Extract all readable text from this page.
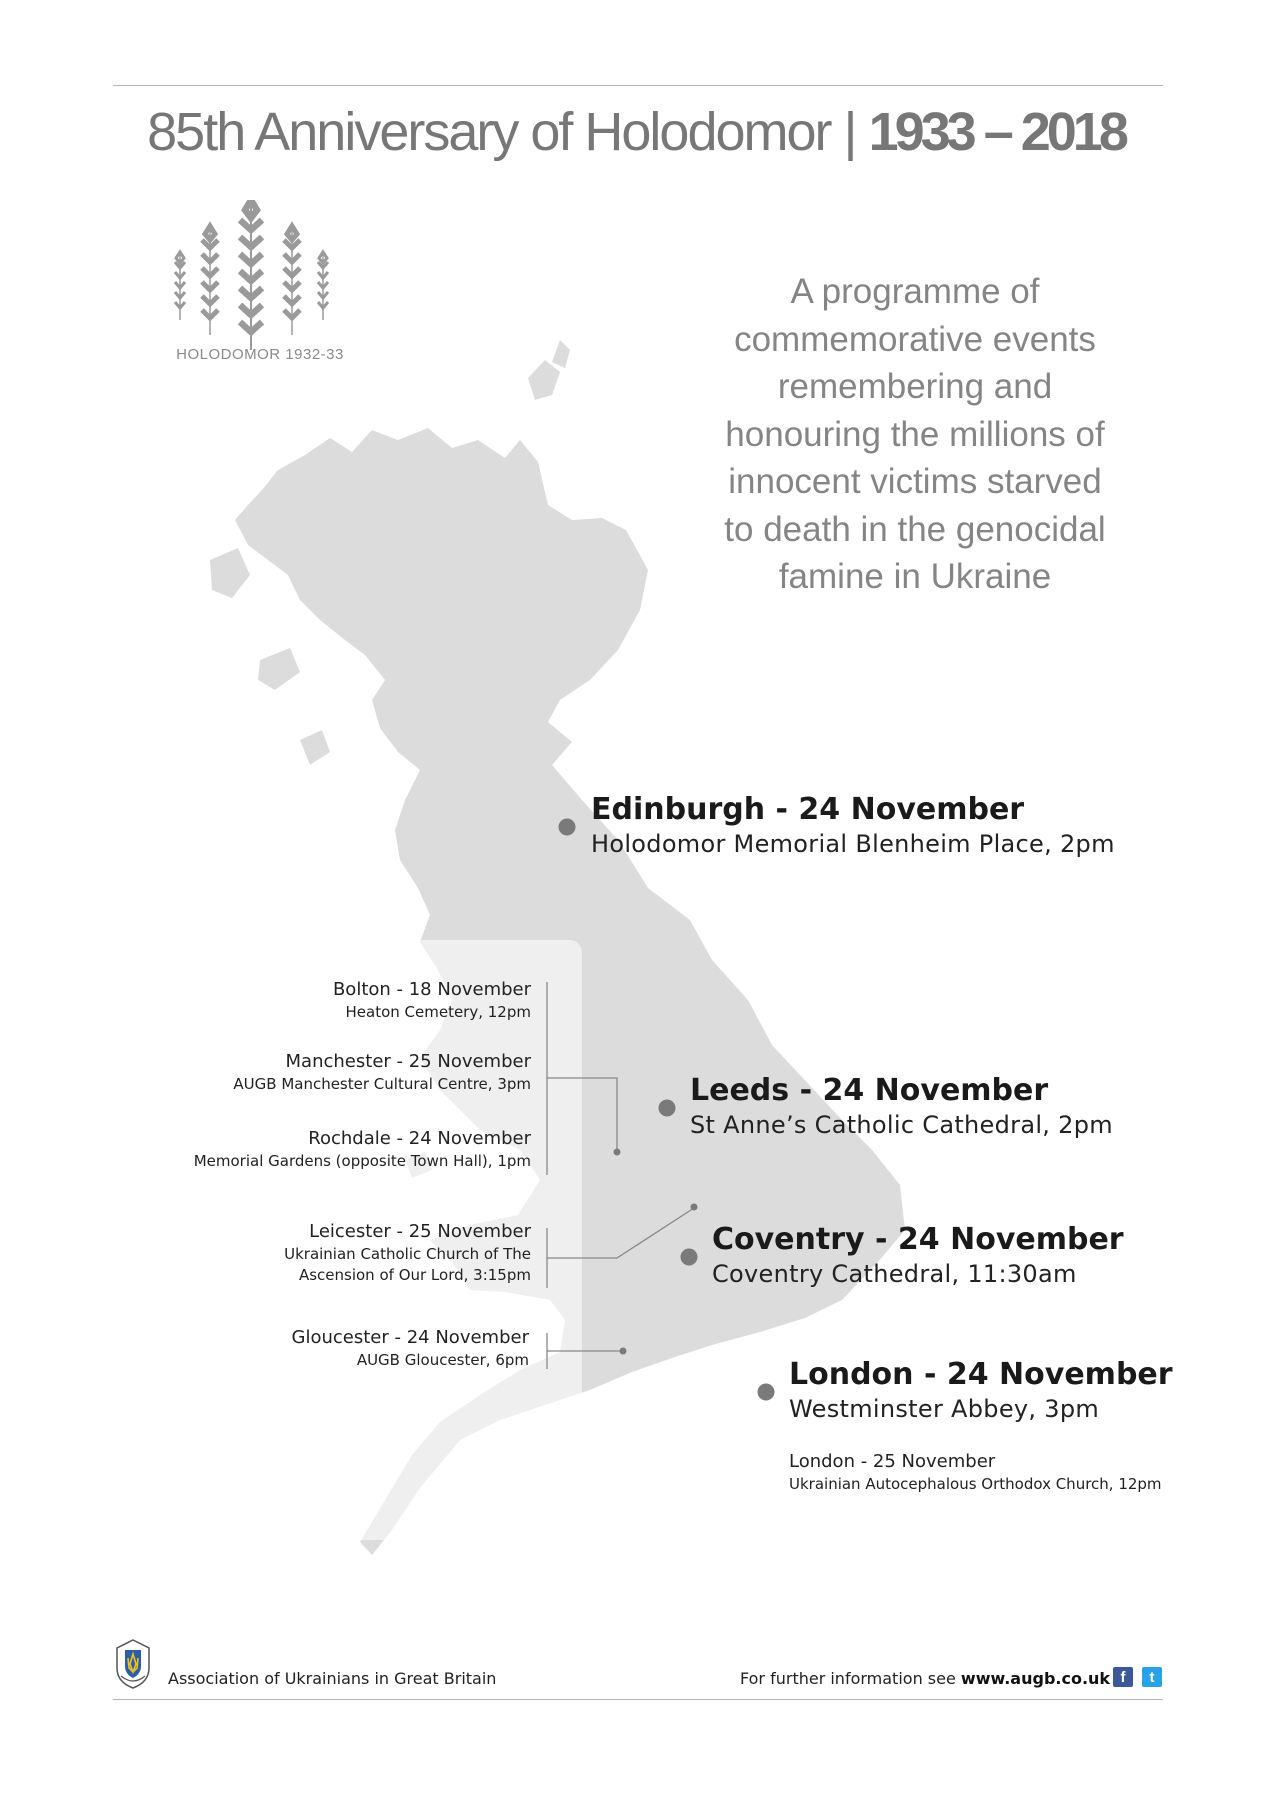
85th Anniversary of Holodomor | 1933 – 2018
HOLODOMOR 1932-33
A programme of
commemorative events
remembering and
honouring the millions of
innocent victims starved
to death in the genocidal
famine in Ukraine
Edinburgh - 24 November
Holodomor Memorial Blenheim Place, 2pm
Leeds - 24 November
St Anne’s Catholic Cathedral, 2pm
Coventry - 24 November
Coventry Cathedral, 11:30am
London - 24 November
Westminster Abbey, 3pm
Bolton - 18 November
Heaton Cemetery, 12pm
Manchester - 25 November
AUGB Manchester Cultural Centre, 3pm
Rochdale - 24 November
Memorial Gardens (opposite Town Hall), 1pm
Leicester - 25 November
Ukrainian Catholic Church of The
Ascension of Our Lord, 3:15pm
Gloucester - 24 November
AUGB Gloucester, 6pm
London - 25 November
Ukrainian Autocephalous Orthodox Church, 12pm
Association of Ukrainians in Great Britain	For further information see www.augb.co.uk f	t
